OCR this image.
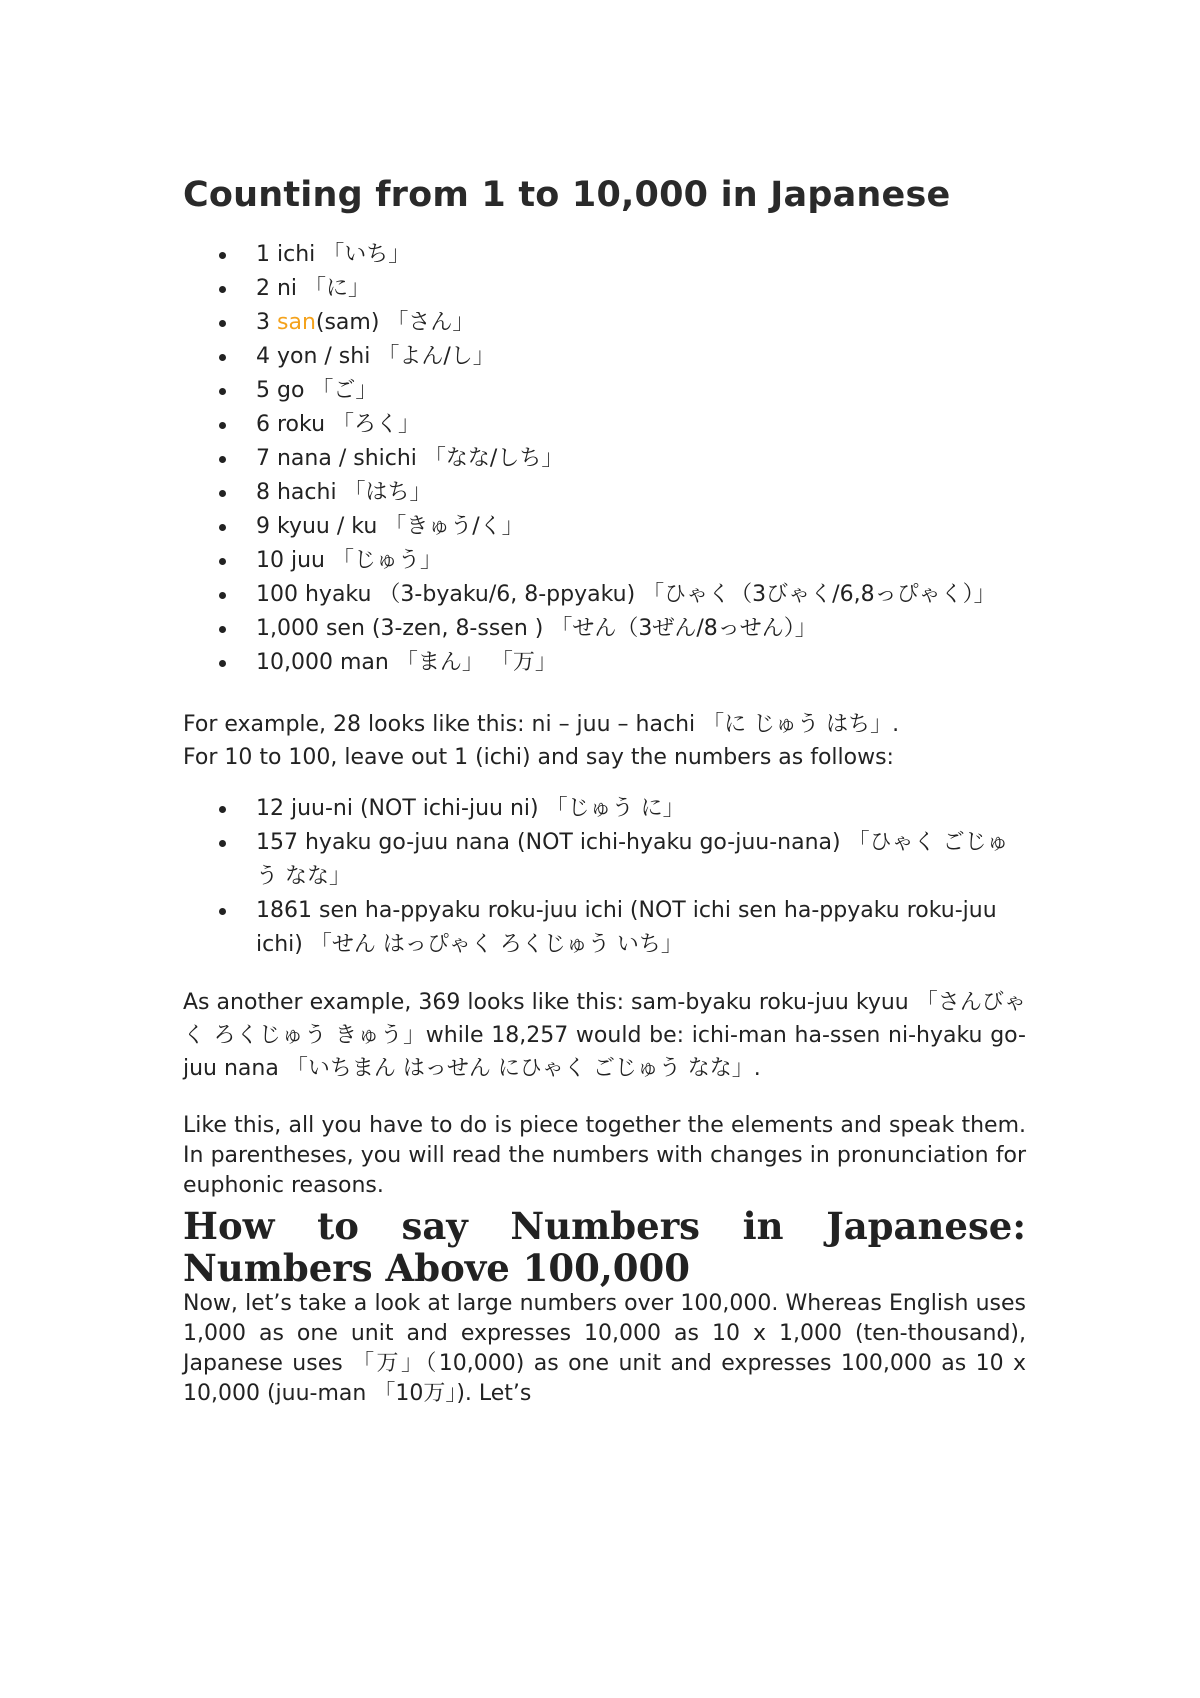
Counting from 1 to 10,000 in Japanese
1 ichi 「いち」
2 ni 「に」
3 san(sam) 「さん」
4 yon / shi 「よん/し」
5 go 「ご」
6 roku 「ろく」
7 nana / shichi 「なな/しち」
8 hachi 「はち」
9 kyuu / ku 「きゅう/く」
10 juu 「じゅう」
100 hyaku （3-byaku/6, 8-ppyaku) 「ひゃく（3びゃく/6,8っぴゃく）」
1,000 sen (3-zen, 8-ssen ) 「せん（3ぜん/8っせん）」
10,000 man 「まん」 「万」

For example, 28 looks like this: ni – juu – hachi 「に じゅう はち」.

For 10 to 100, leave out 1 (ichi) and say the numbers as follows:

12 juu-ni (NOT ichi-juu ni) 「じゅう に」
157 hyaku go-juu nana (NOT ichi-hyaku go-juu-nana) 「ひゃく ごじゅう なな」
1861 sen ha-ppyaku roku-juu ichi (NOT ichi sen ha-ppyaku roku-juu ichi) 「せん はっぴゃく ろくじゅう いち」

As another example, 369 looks like this: sam-byaku roku-juu kyuu 「さんびゃく ろくじゅう きゅう」while 18,257 would be: ichi-man ha-ssen ni-hyaku go-juu nana 「いちまん はっせん にひゃく ごじゅう なな」.

Like this, all you have to do is piece together the elements and speak them. In parentheses, you will read the numbers with changes in pronunciation for euphonic reasons.

How to say Numbers in Japanese: Numbers Above 100,000

Now, let’s take a look at large numbers over 100,000. Whereas English uses 1,000 as one unit and expresses 10,000 as 10 x 1,000 (ten-thousand), Japanese uses 「万」（10,000) as one unit and expresses 100,000 as 10 x 10,000 (juu-man 「10万」). Let’s
